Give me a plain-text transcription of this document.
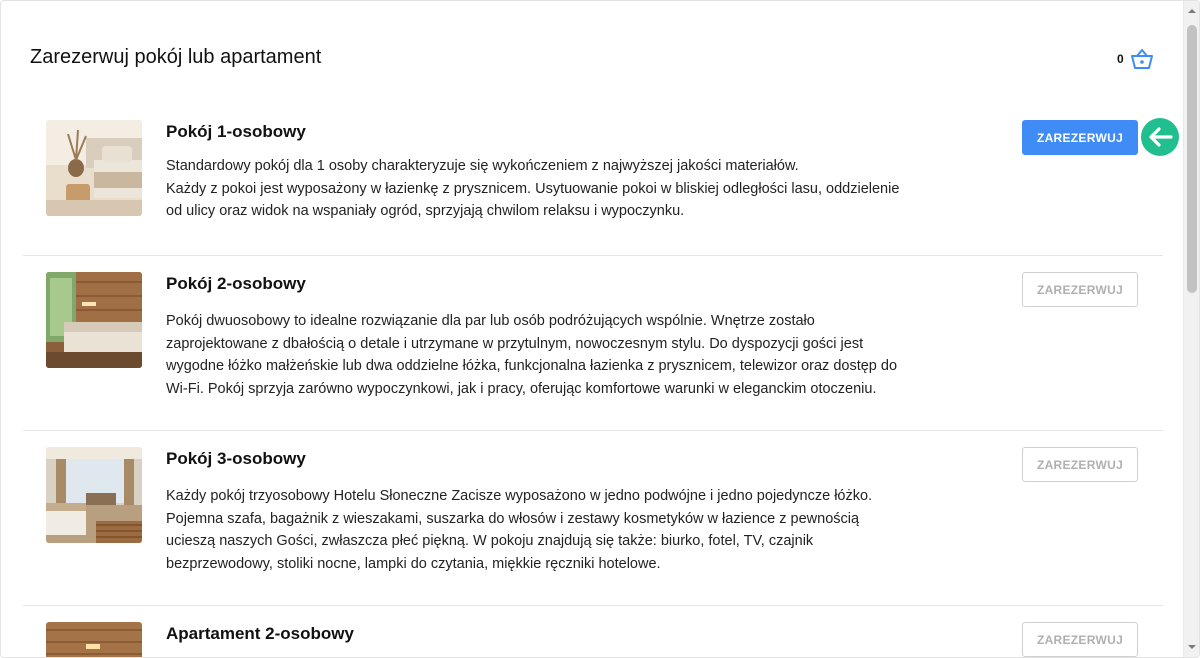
Zarezerwuj pokój lub apartament	0
Pokój 1-osobowy
Standardowy pokój dla 1 osoby charakteryzuje się wykończeniem z najwyższej jakości materiałów.
Każdy z pokoi jest wyposażony w łazienkę z prysznicem. Usytuowanie pokoi w bliskiej odległości lasu, oddzielenie
od ulicy oraz widok na wspaniały ogród, sprzyjają chwilom relaksu i wypoczynku.
ZAREZERWUJ
Pokój 2-osobowy
Pokój dwuosobowy to idealne rozwiązanie dla par lub osób podróżujących wspólnie. Wnętrze zostało
zaprojektowane z dbałością o detale i utrzymane w przytulnym, nowoczesnym stylu. Do dyspozycji gości jest
wygodne łóżko małżeńskie lub dwa oddzielne łóżka, funkcjonalna łazienka z prysznicem, telewizor oraz dostęp do
Wi-Fi. Pokój sprzyja zarówno wypoczynkowi, jak i pracy, oferując komfortowe warunki w eleganckim otoczeniu.
ZAREZERWUJ
Pokój 3-osobowy
Każdy pokój trzyosobowy Hotelu Słoneczne Zacisze wyposażono w jedno podwójne i jedno pojedyncze łóżko.
Pojemna szafa, bagażnik z wieszakami, suszarka do włosów i zestawy kosmetyków w łazience z pewnością
ucieszą naszych Gości, zwłaszcza płeć piękną. W pokoju znajdują się także: biurko, fotel, TV, czajnik
bezprzewodowy, stoliki nocne, lampki do czytania, miękkie ręczniki hotelowe.
ZAREZERWUJ
Apartament 2-osobowy	ZAREZERWUJ
